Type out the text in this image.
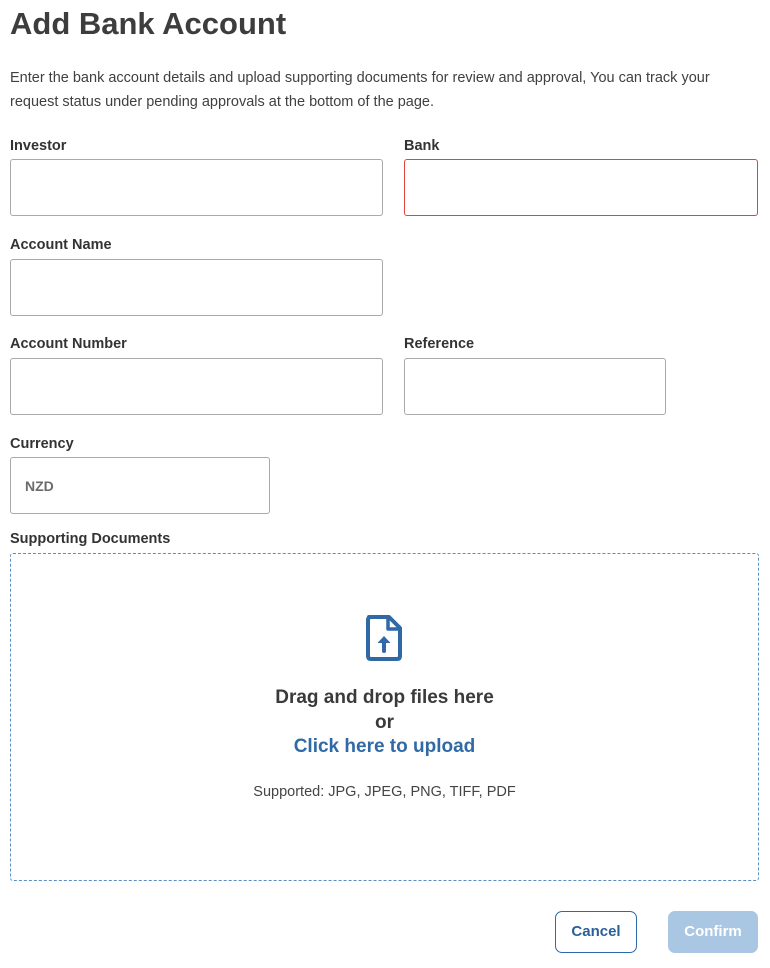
Add Bank Account

Enter the bank account details and upload supporting documents for review and approval, You can track your request status under pending approvals at the bottom of the page.

Investor	Bank
Account Name
Account Number	Reference
Currency
NZD
Supporting Documents
Drag and drop files here
or
Click here to upload
Supported: JPG, JPEG, PNG, TIFF, PDF
Cancel	Confirm
